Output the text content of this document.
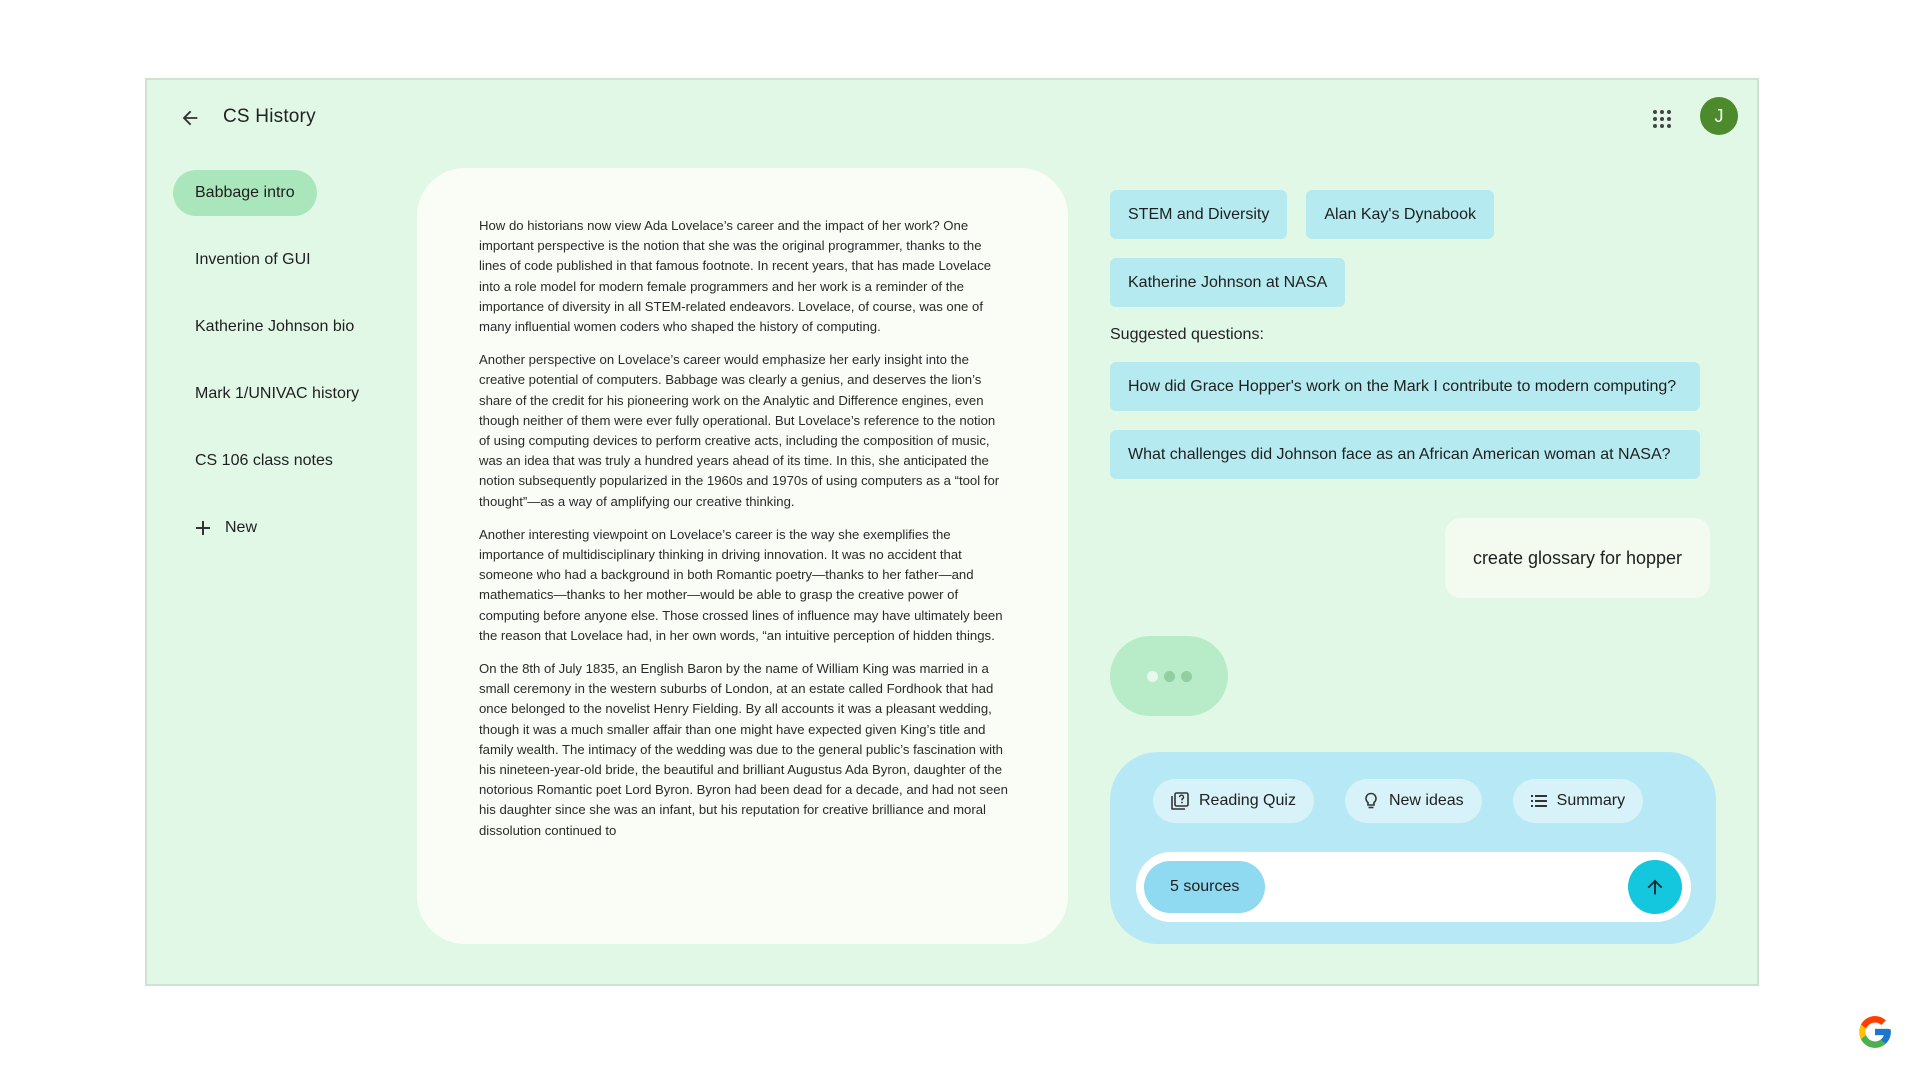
CS History	J
Babbage intro
Invention of GUI
Katherine Johnson bio
Mark 1/UNIVAC history
CS 106 class notes
New

How do historians now view Ada Lovelace’s career and the impact of her work? One important perspective is the notion that she was the original programmer, thanks to the lines of code published in that famous footnote. In recent years, that has made Lovelace into a role model for modern female programmers and her work is a reminder of the importance of diversity in all STEM-related endeavors. Lovelace, of course, was one of many influential women coders who shaped the history of computing.

Another perspective on Lovelace’s career would emphasize her early insight into the creative potential of computers. Babbage was clearly a genius, and deserves the lion’s share of the credit for his pioneering work on the Analytic and Difference engines, even though neither of them were ever fully operational. But Lovelace’s reference to the notion of using computing devices to perform creative acts, including the composition of music, was an idea that was truly a hundred years ahead of its time. In this, she anticipated the notion subsequently popularized in the 1960s and 1970s of using computers as a “tool for thought”—as a way of amplifying our creative thinking.

Another interesting viewpoint on Lovelace’s career is the way she exemplifies the importance of multidisciplinary thinking in driving innovation. It was no accident that someone who had a background in both Romantic poetry—thanks to her father—and mathematics—thanks to her mother—would be able to grasp the creative power of computing before anyone else. Those crossed lines of influence may have ultimately been the reason that Lovelace had, in her own words, “an intuitive perception of hidden things.

On the 8th of July 1835, an English Baron by the name of William King was married in a small ceremony in the western suburbs of London, at an estate called Fordhook that had once belonged to the novelist Henry Fielding. By all accounts it was a pleasant wedding, though it was a much smaller affair than one might have expected given King’s title and family wealth. The intimacy of the wedding was due to the general public’s fascination with his nineteen-year-old bride, the beautiful and brilliant Augustus Ada Byron, daughter of the notorious Romantic poet Lord Byron. Byron had been dead for a decade, and had not seen his daughter since she was an infant, but his reputation for creative brilliance and moral dissolution continued to

STEM and Diversity	Alan Kay's Dynabook
Katherine Johnson at NASA
Suggested questions:
How did Grace Hopper's work on the Mark I contribute to modern computing?
What challenges did Johnson face as an African American woman at NASA?
create glossary for hopper
Reading Quiz	New ideas	Summary
5 sources
